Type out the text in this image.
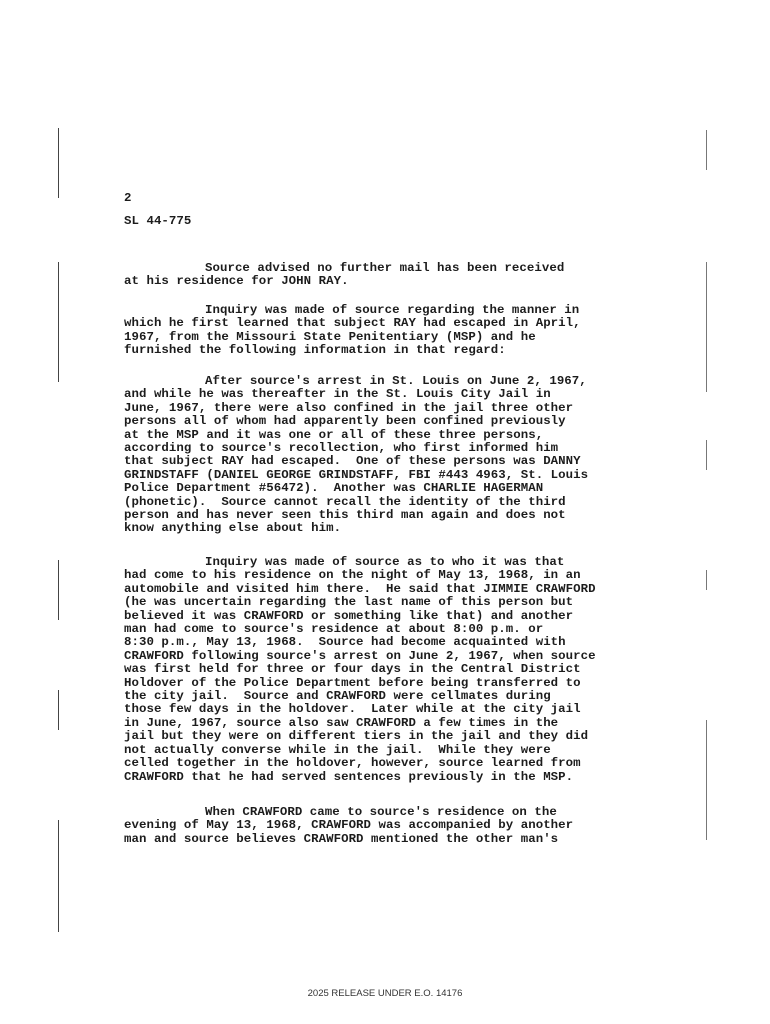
2
SL 44-775
Source advised no further mail has been received
at his residence for JOHN RAY.
Inquiry was made of source regarding the manner in
which he first learned that subject RAY had escaped in April,
1967, from the Missouri State Penitentiary (MSP) and he
furnished the following information in that regard:
After source's arrest in St. Louis on June 2, 1967,
and while he was thereafter in the St. Louis City Jail in
June, 1967, there were also confined in the jail three other
persons all of whom had apparently been confined previously
at the MSP and it was one or all of these three persons,
according to source's recollection, who first informed him
that subject RAY had escaped.  One of these persons was DANNY
GRINDSTAFF (DANIEL GEORGE GRINDSTAFF, FBI #443 4963, St. Louis
Police Department #56472).  Another was CHARLIE HAGERMAN
(phonetic).  Source cannot recall the identity of the third
person and has never seen this third man again and does not
know anything else about him.
Inquiry was made of source as to who it was that
had come to his residence on the night of May 13, 1968, in an
automobile and visited him there.  He said that JIMMIE CRAWFORD
(he was uncertain regarding the last name of this person but
believed it was CRAWFORD or something like that) and another
man had come to source's residence at about 8:00 p.m. or
8:30 p.m., May 13, 1968.  Source had become acquainted with
CRAWFORD following source's arrest on June 2, 1967, when source
was first held for three or four days in the Central District
Holdover of the Police Department before being transferred to
the city jail.  Source and CRAWFORD were cellmates during
those few days in the holdover.  Later while at the city jail
in June, 1967, source also saw CRAWFORD a few times in the
jail but they were on different tiers in the jail and they did
not actually converse while in the jail.  While they were
celled together in the holdover, however, source learned from
CRAWFORD that he had served sentences previously in the MSP.
When CRAWFORD came to source's residence on the
evening of May 13, 1968, CRAWFORD was accompanied by another
man and source believes CRAWFORD mentioned the other man's
2025 RELEASE UNDER E.O. 14176
